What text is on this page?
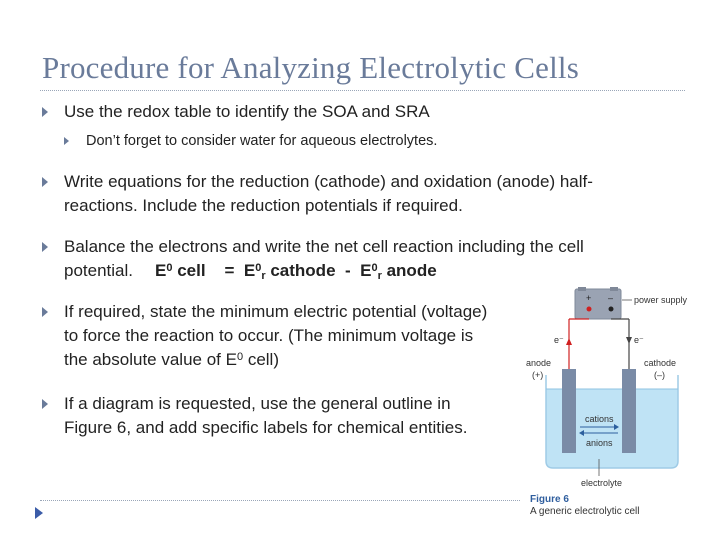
Procedure for Analyzing Electrolytic Cells
Use the redox table to identify the SOA and SRA
Don’t forget to consider water for aqueous electrolytes.
Write equations for the reduction (cathode) and oxidation (anode) half-
reactions. Include the reduction potentials if required.
Balance the electrons and write the net cell reaction including the cell
potential. $E^0$ cell = $E^0_r$ cathode - $E^0_r$ anode
If required, state the minimum electric potential (voltage)
to force the reaction to occur. (The minimum voltage is
the absolute value of $E^0$ cell)
If a diagram is requested, use the general outline in
Figure 6, and add specific labels for chemical entities.
+ – power supply
e⁻	e⁻
cations
anions
anode
(+)
cathode
(–)
electrolyte
Figure 6
A generic electrolytic cell
